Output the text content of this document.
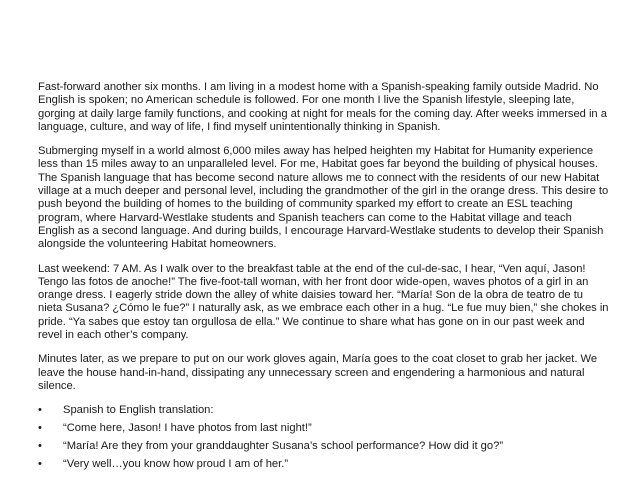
Fast-forward another six months. I am living in a modest home with a Spanish-speaking family outside Madrid. No English is spoken; no American schedule is followed. For one month I live the Spanish lifestyle, sleeping late, gorging at daily large family functions, and cooking at night for meals for the coming day. After weeks immersed in a language, culture, and way of life, I find myself unintentionally thinking in Spanish.

Submerging myself in a world almost 6,000 miles away has helped heighten my Habitat for Humanity experience less than 15 miles away to an unparalleled level. For me, Habitat goes far beyond the building of physical houses. The Spanish language that has become second nature allows me to connect with the residents of our new Habitat village at a much deeper and personal level, including the grandmother of the girl in the orange dress. This desire to push beyond the building of homes to the building of community sparked my effort to create an ESL teaching program, where Harvard-Westlake students and Spanish teachers can come to the Habitat village and teach English as a second language. And during builds, I encourage Harvard-Westlake students to develop their Spanish alongside the volunteering Habitat homeowners.

Last weekend: 7 AM. As I walk over to the breakfast table at the end of the cul-de-sac, I hear, “Ven aquí, Jason! Tengo las fotos de anoche!” The five-foot-tall woman, with her front door wide-open, waves photos of a girl in an orange dress. I eagerly stride down the alley of white daisies toward her. “María! Son de la obra de teatro de tu nieta Susana? ¿Cómo le fue?” I naturally ask, as we embrace each other in a hug. “Le fue muy bien,” she chokes in pride. “Ya sabes que estoy tan orgullosa de ella.” We continue to share what has gone on in our past week and revel in each other’s company.

Minutes later, as we prepare to put on our work gloves again, María goes to the coat closet to grab her jacket. We leave the house hand-in-hand, dissipating any unnecessary screen and engendering a harmonious and natural silence.

• Spanish to English translation:
• “Come here, Jason! I have photos from last night!”
• “María! Are they from your granddaughter Susana’s school performance? How did it go?”
• “Very well…you know how proud I am of her.”
